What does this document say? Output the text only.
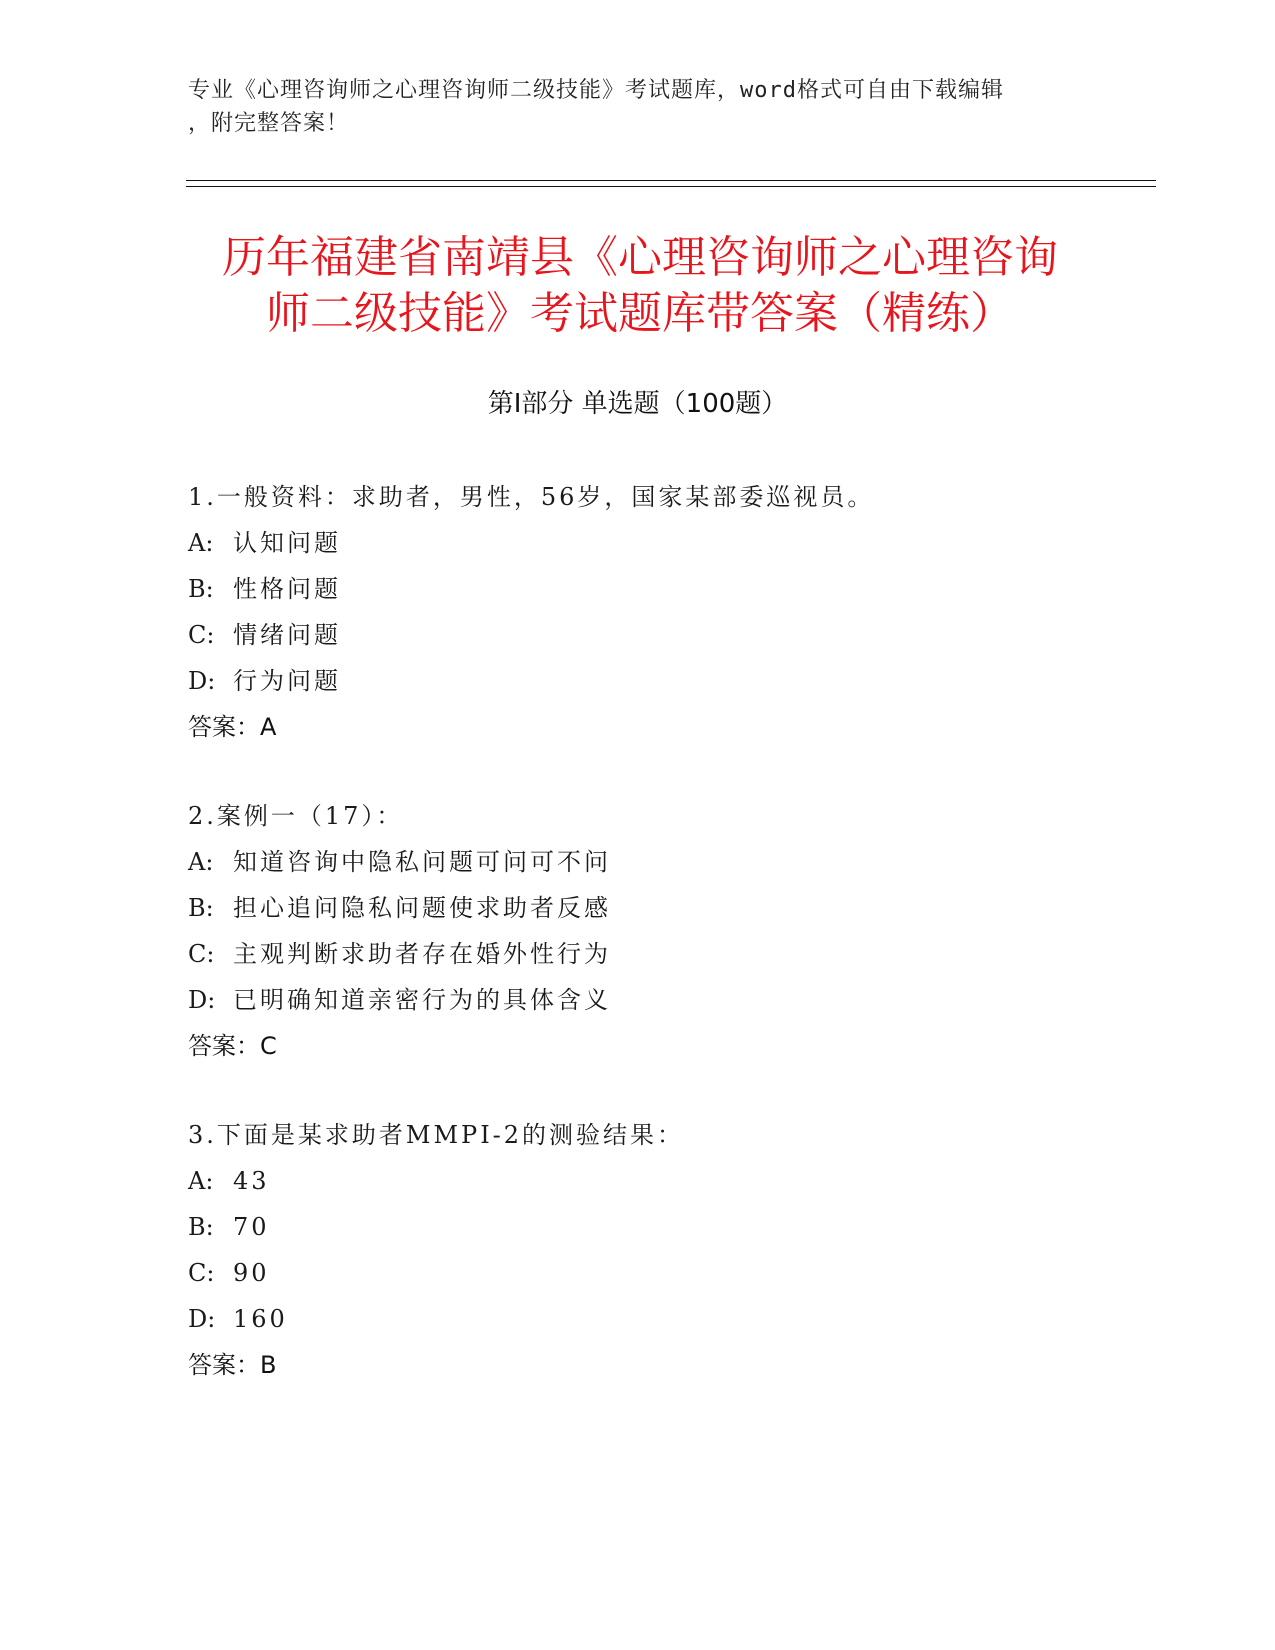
专业《心理咨询师之心理咨询师二级技能》考试题库，word格式可自由下载编辑
，附完整答案！
历年福建省南靖县《心理咨询师之心理咨询
师二级技能》考试题库带答案（精练）
第Ⅰ部分 单选题（100题）
1.一般资料：求助者，男性，56岁，国家某部委巡视员。
A: 认知问题
B: 性格问题
C: 情绪问题
D: 行为问题
答案：A
2.案例一（17）：
A: 知道咨询中隐私问题可问可不问
B: 担心追问隐私问题使求助者反感
C: 主观判断求助者存在婚外性行为
D: 已明确知道亲密行为的具体含义
答案：C
3.下面是某求助者MMPI-2的测验结果：
A: 43
B: 70
C: 90
D: 160
答案：B
